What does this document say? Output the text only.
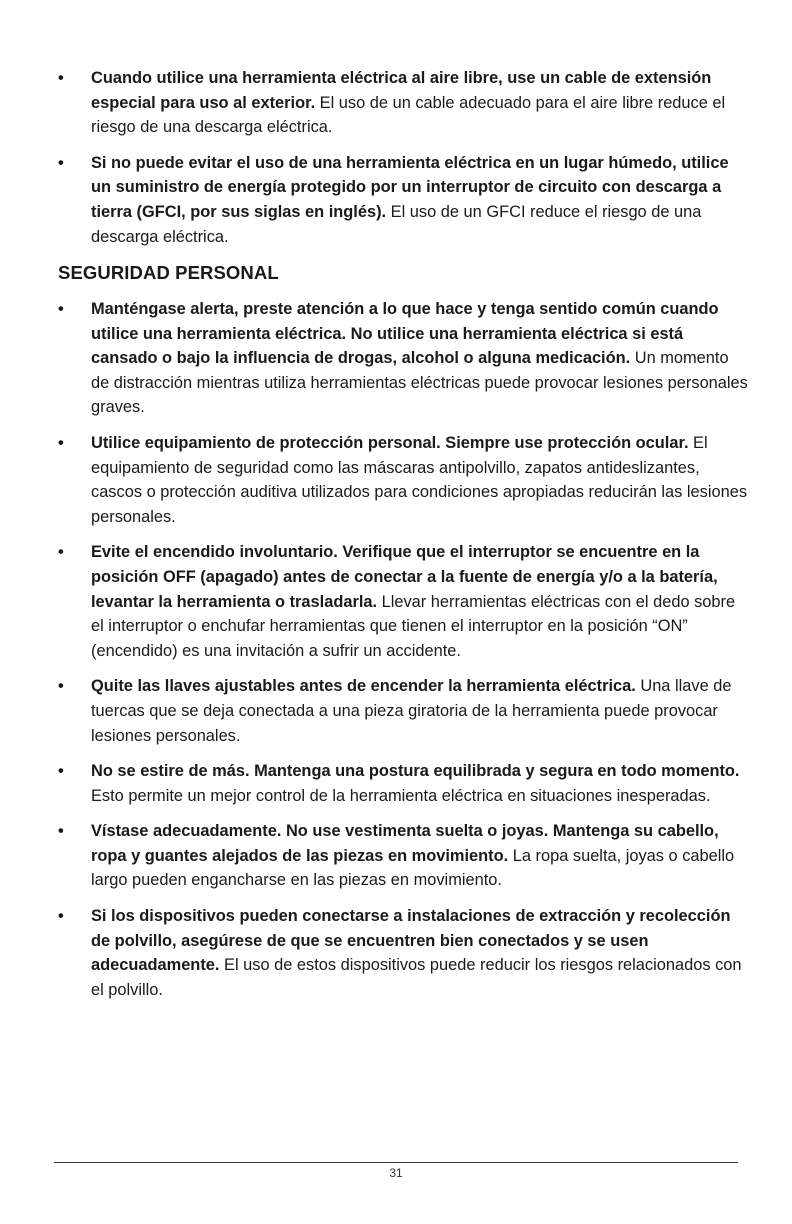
•	Cuando utilice una herramienta eléctrica al aire libre, use un cable de extensión especial para uso al exterior. El uso de un cable adecuado para el aire libre reduce el riesgo de una descarga eléctrica.
•	Si no puede evitar el uso de una herramienta eléctrica en un lugar húmedo, utilice un suministro de energía protegido por un interruptor de circuito con descarga a tierra (GFCI, por sus siglas en inglés). El uso de un GFCI reduce el riesgo de una descarga eléctrica.
SEGURIDAD PERSONAL
•	Manténgase alerta, preste atención a lo que hace y tenga sentido común cuando utilice una herramienta eléctrica. No utilice una herramienta eléctrica si está cansado o bajo la influencia de drogas, alcohol o alguna medicación. Un momento de distracción mientras utiliza herramientas eléctricas puede provocar lesiones personales graves.
•	Utilice equipamiento de protección personal. Siempre use protección ocular. El equipamiento de seguridad como las máscaras antipolvillo, zapatos antideslizantes, cascos o protección auditiva utilizados para condiciones apropiadas reducirán las lesiones personales.
•	Evite el encendido involuntario. Verifique que el interruptor se encuentre en la posición OFF (apagado) antes de conectar a la fuente de energía y/o a la batería, levantar la herramienta o trasladarla. Llevar herramientas eléctricas con el dedo sobre el interruptor o enchufar herramientas que tienen el interruptor en la posición “ON” (encendido) es una invitación a sufrir un accidente.
•	Quite las llaves ajustables antes de encender la herramienta eléctrica. Una llave de tuercas que se deja conectada a una pieza giratoria de la herramienta puede provocar lesiones personales.
•	No se estire de más. Mantenga una postura equilibrada y segura en todo momento. Esto permite un mejor control de la herramienta eléctrica en situaciones inesperadas.
•	Vístase adecuadamente. No use vestimenta suelta o joyas. Mantenga su cabello, ropa y guantes alejados de las piezas en movimiento. La ropa suelta, joyas o cabello largo pueden engancharse en las piezas en movimiento.
•	Si los dispositivos pueden conectarse a instalaciones de extracción y recolección de polvillo, asegúrese de que se encuentren bien conectados y se usen adecuadamente. El uso de estos dispositivos puede reducir los riesgos relacionados con el polvillo.
31
